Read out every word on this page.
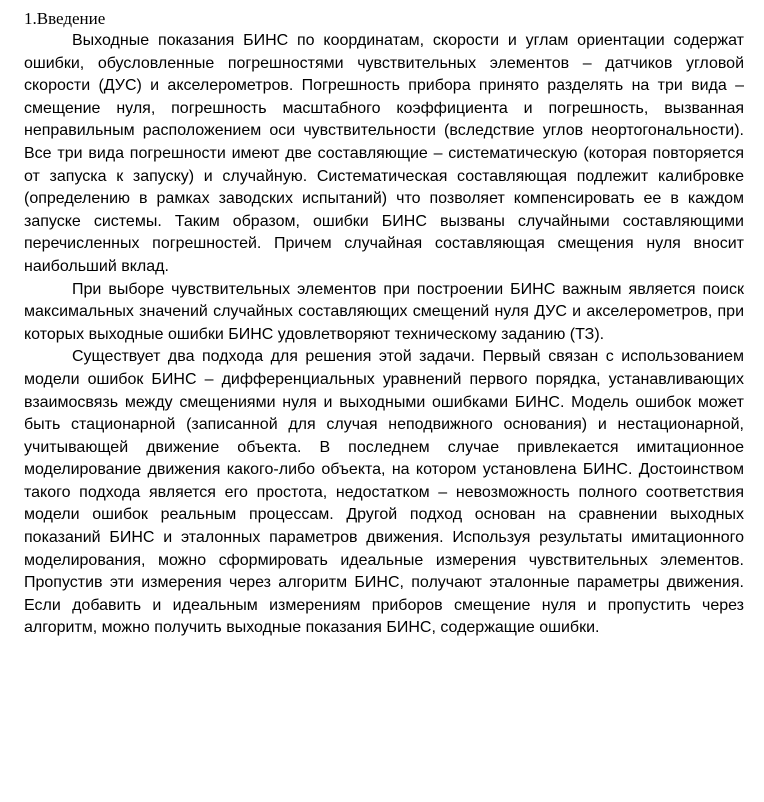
1.Введение

Выходные показания БИНС по координатам, скорости и углам ориентации содержат ошибки, обусловленные погрешностями чувствительных элементов – датчиков угловой скорости (ДУС) и акселерометров. Погрешность прибора принято разделять на три вида – смещение нуля, погрешность масштабного коэффициента и погрешность, вызванная неправильным расположением оси чувствительности (вследствие углов неортогональности). Все три вида погрешности имеют две составляющие – систематическую (которая повторяется от запуска к запуску) и случайную. Систематическая составляющая подлежит калибровке (определению в рамках заводских испытаний) что позволяет компенсировать ее в каждом запуске системы. Таким образом, ошибки БИНС вызваны случайными составляющими перечисленных погрешностей. Причем случайная составляющая смещения нуля вносит наибольший вклад.

При выборе чувствительных элементов при построении БИНС важным является поиск максимальных значений случайных составляющих смещений нуля ДУС и акселерометров, при которых выходные ошибки БИНС удовлетворяют техническому заданию (ТЗ).

Существует два подхода для решения этой задачи. Первый связан с использованием модели ошибок БИНС – дифференциальных уравнений первого порядка, устанавливающих взаимосвязь между смещениями нуля и выходными ошибками БИНС. Модель ошибок может быть стационарной (записанной для случая неподвижного основания) и нестационарной, учитывающей движение объекта. В последнем случае привлекается имитационное моделирование движения какого-либо объекта, на котором установлена БИНС. Достоинством такого подхода является его простота, недостатком – невозможность полного соответствия модели ошибок реальным процессам. Другой подход основан на сравнении выходных показаний БИНС и эталонных параметров движения. Используя результаты имитационного моделирования, можно сформировать идеальные измерения чувствительных элементов. Пропустив эти измерения через алгоритм БИНС, получают эталонные параметры движения. Если добавить и идеальным измерениям приборов смещение нуля и пропустить через алгоритм, можно получить выходные показания БИНС, содержащие ошибки.
